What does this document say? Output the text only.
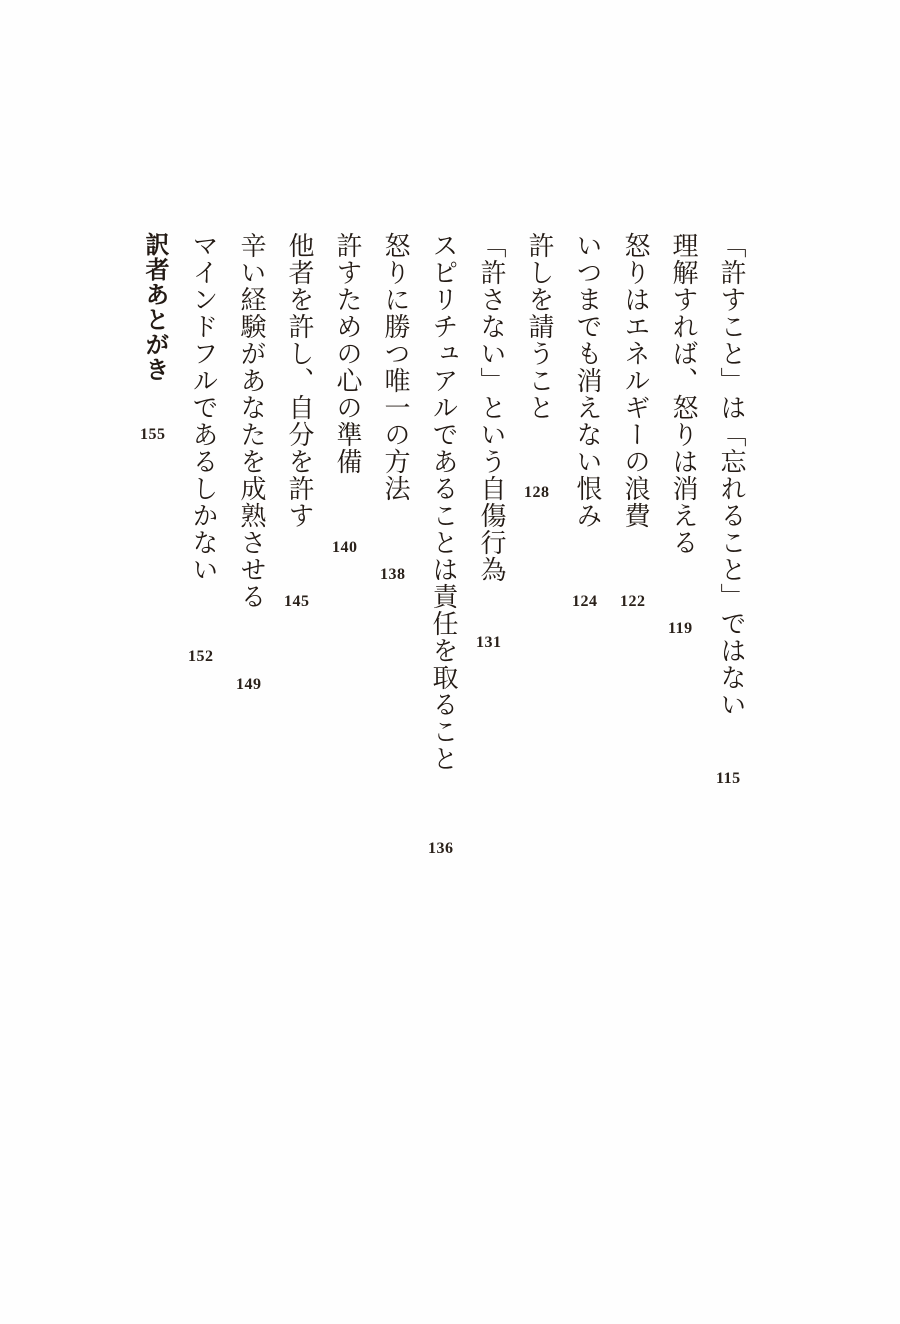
「許すこと」は「忘れること」ではない
115
理解すれば、怒りは消える
119
怒りはエネルギーの浪費
122
いつまでも消えない恨み
124
許しを請うこと
128
「許さない」という自傷行為
131
スピリチュアルであることは責任を取ること
136
怒りに勝つ唯一の方法
138
許すための心の準備
140
他者を許し、自分を許す
145
辛い経験があなたを成熟させる
149
マインドフルであるしかない
152
訳者あとがき
155
